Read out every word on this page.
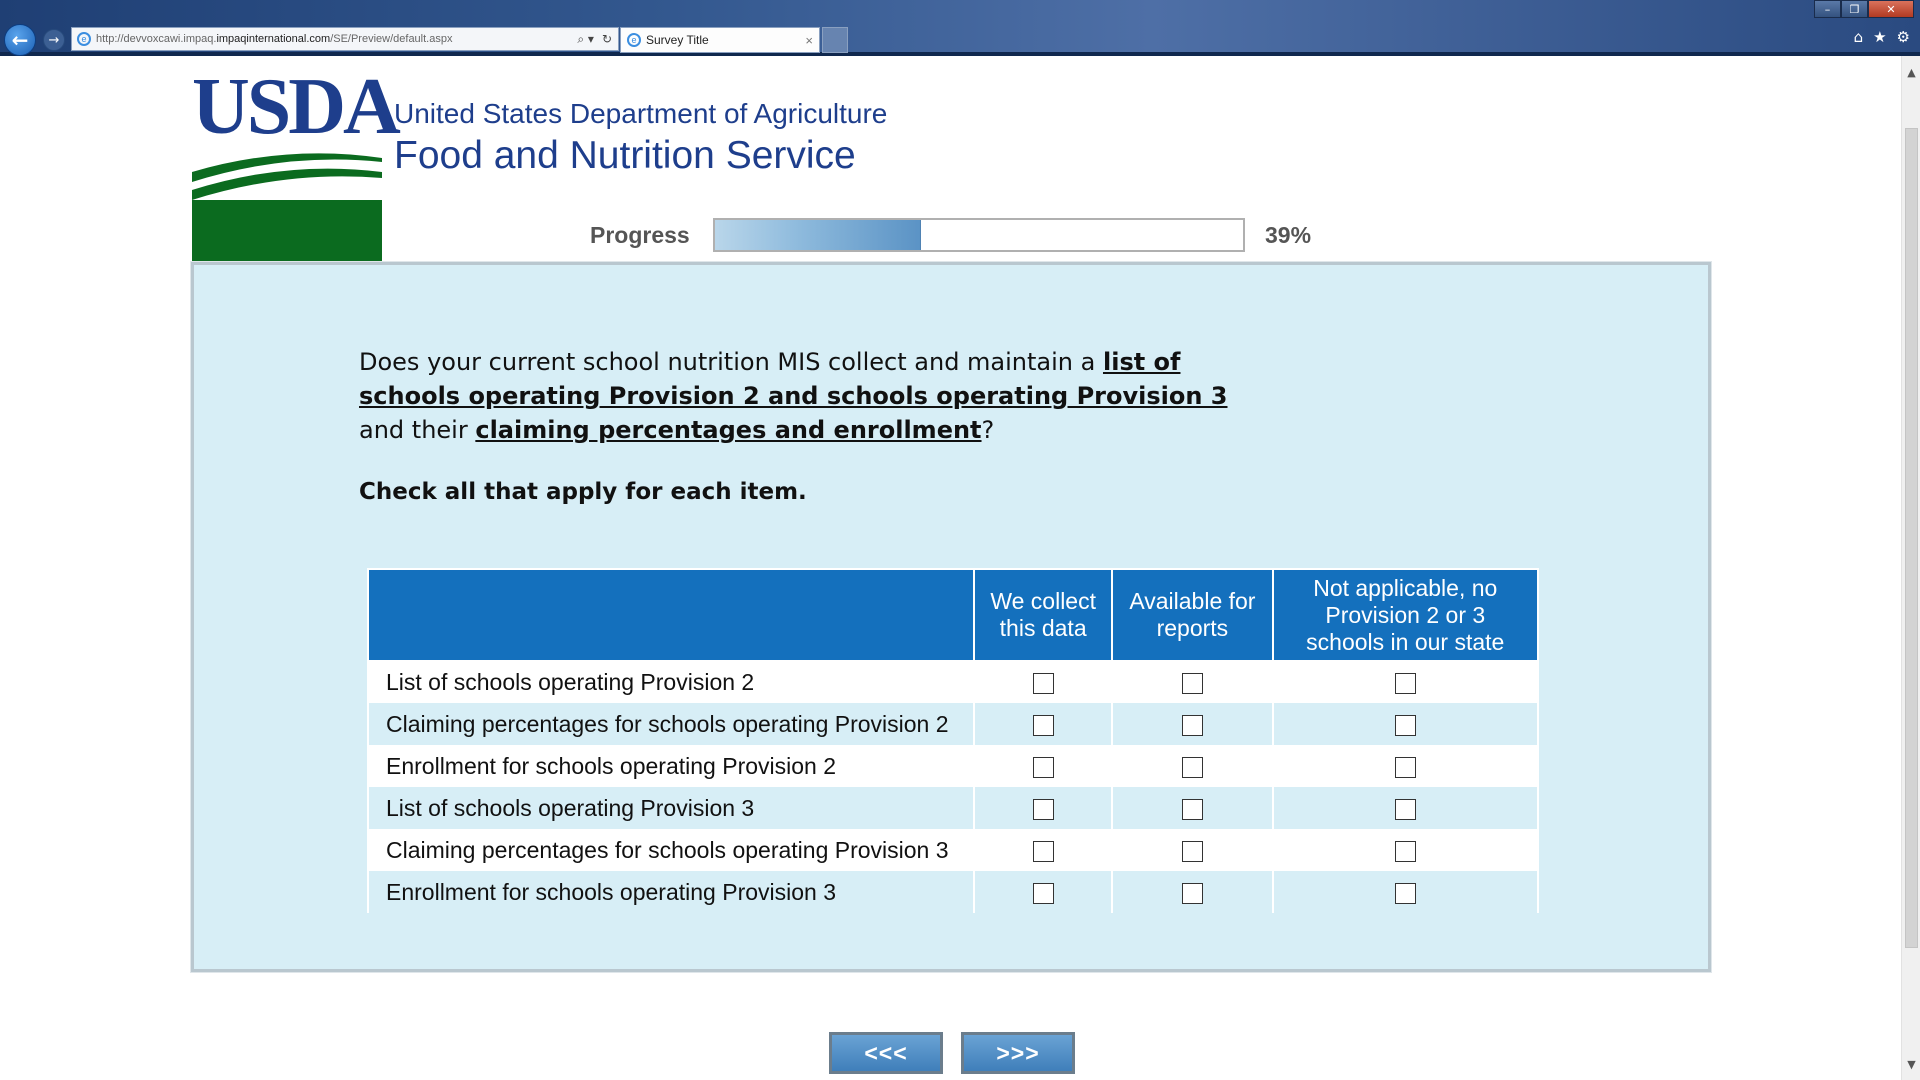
← →	e http://devvoxcawi.impaq.impaqinternational.com/SE/Preview/default.aspx	⌕ ▾ ↻	e Survey Title	×
–	❐	✕
⌂ ★ ⚙
▲
▼
USDA
United States Department of Agriculture
Food and Nutrition Service
Progress	39%
Does your current school nutrition MIS collect and maintain a list of schools operating Provision 2 and schools operating Provision 3 and their claiming percentages and enrollment?
Check all that apply for each item.
	We collect this data	Available for reports	Not applicable, no Provision 2 or 3 schools in our state
List of schools operating Provision 2			
Claiming percentages for schools operating Provision 2			
Enrollment for schools operating Provision 2			
List of schools operating Provision 3			
Claiming percentages for schools operating Provision 3			
Enrollment for schools operating Provision 3			
<<<	>>>
